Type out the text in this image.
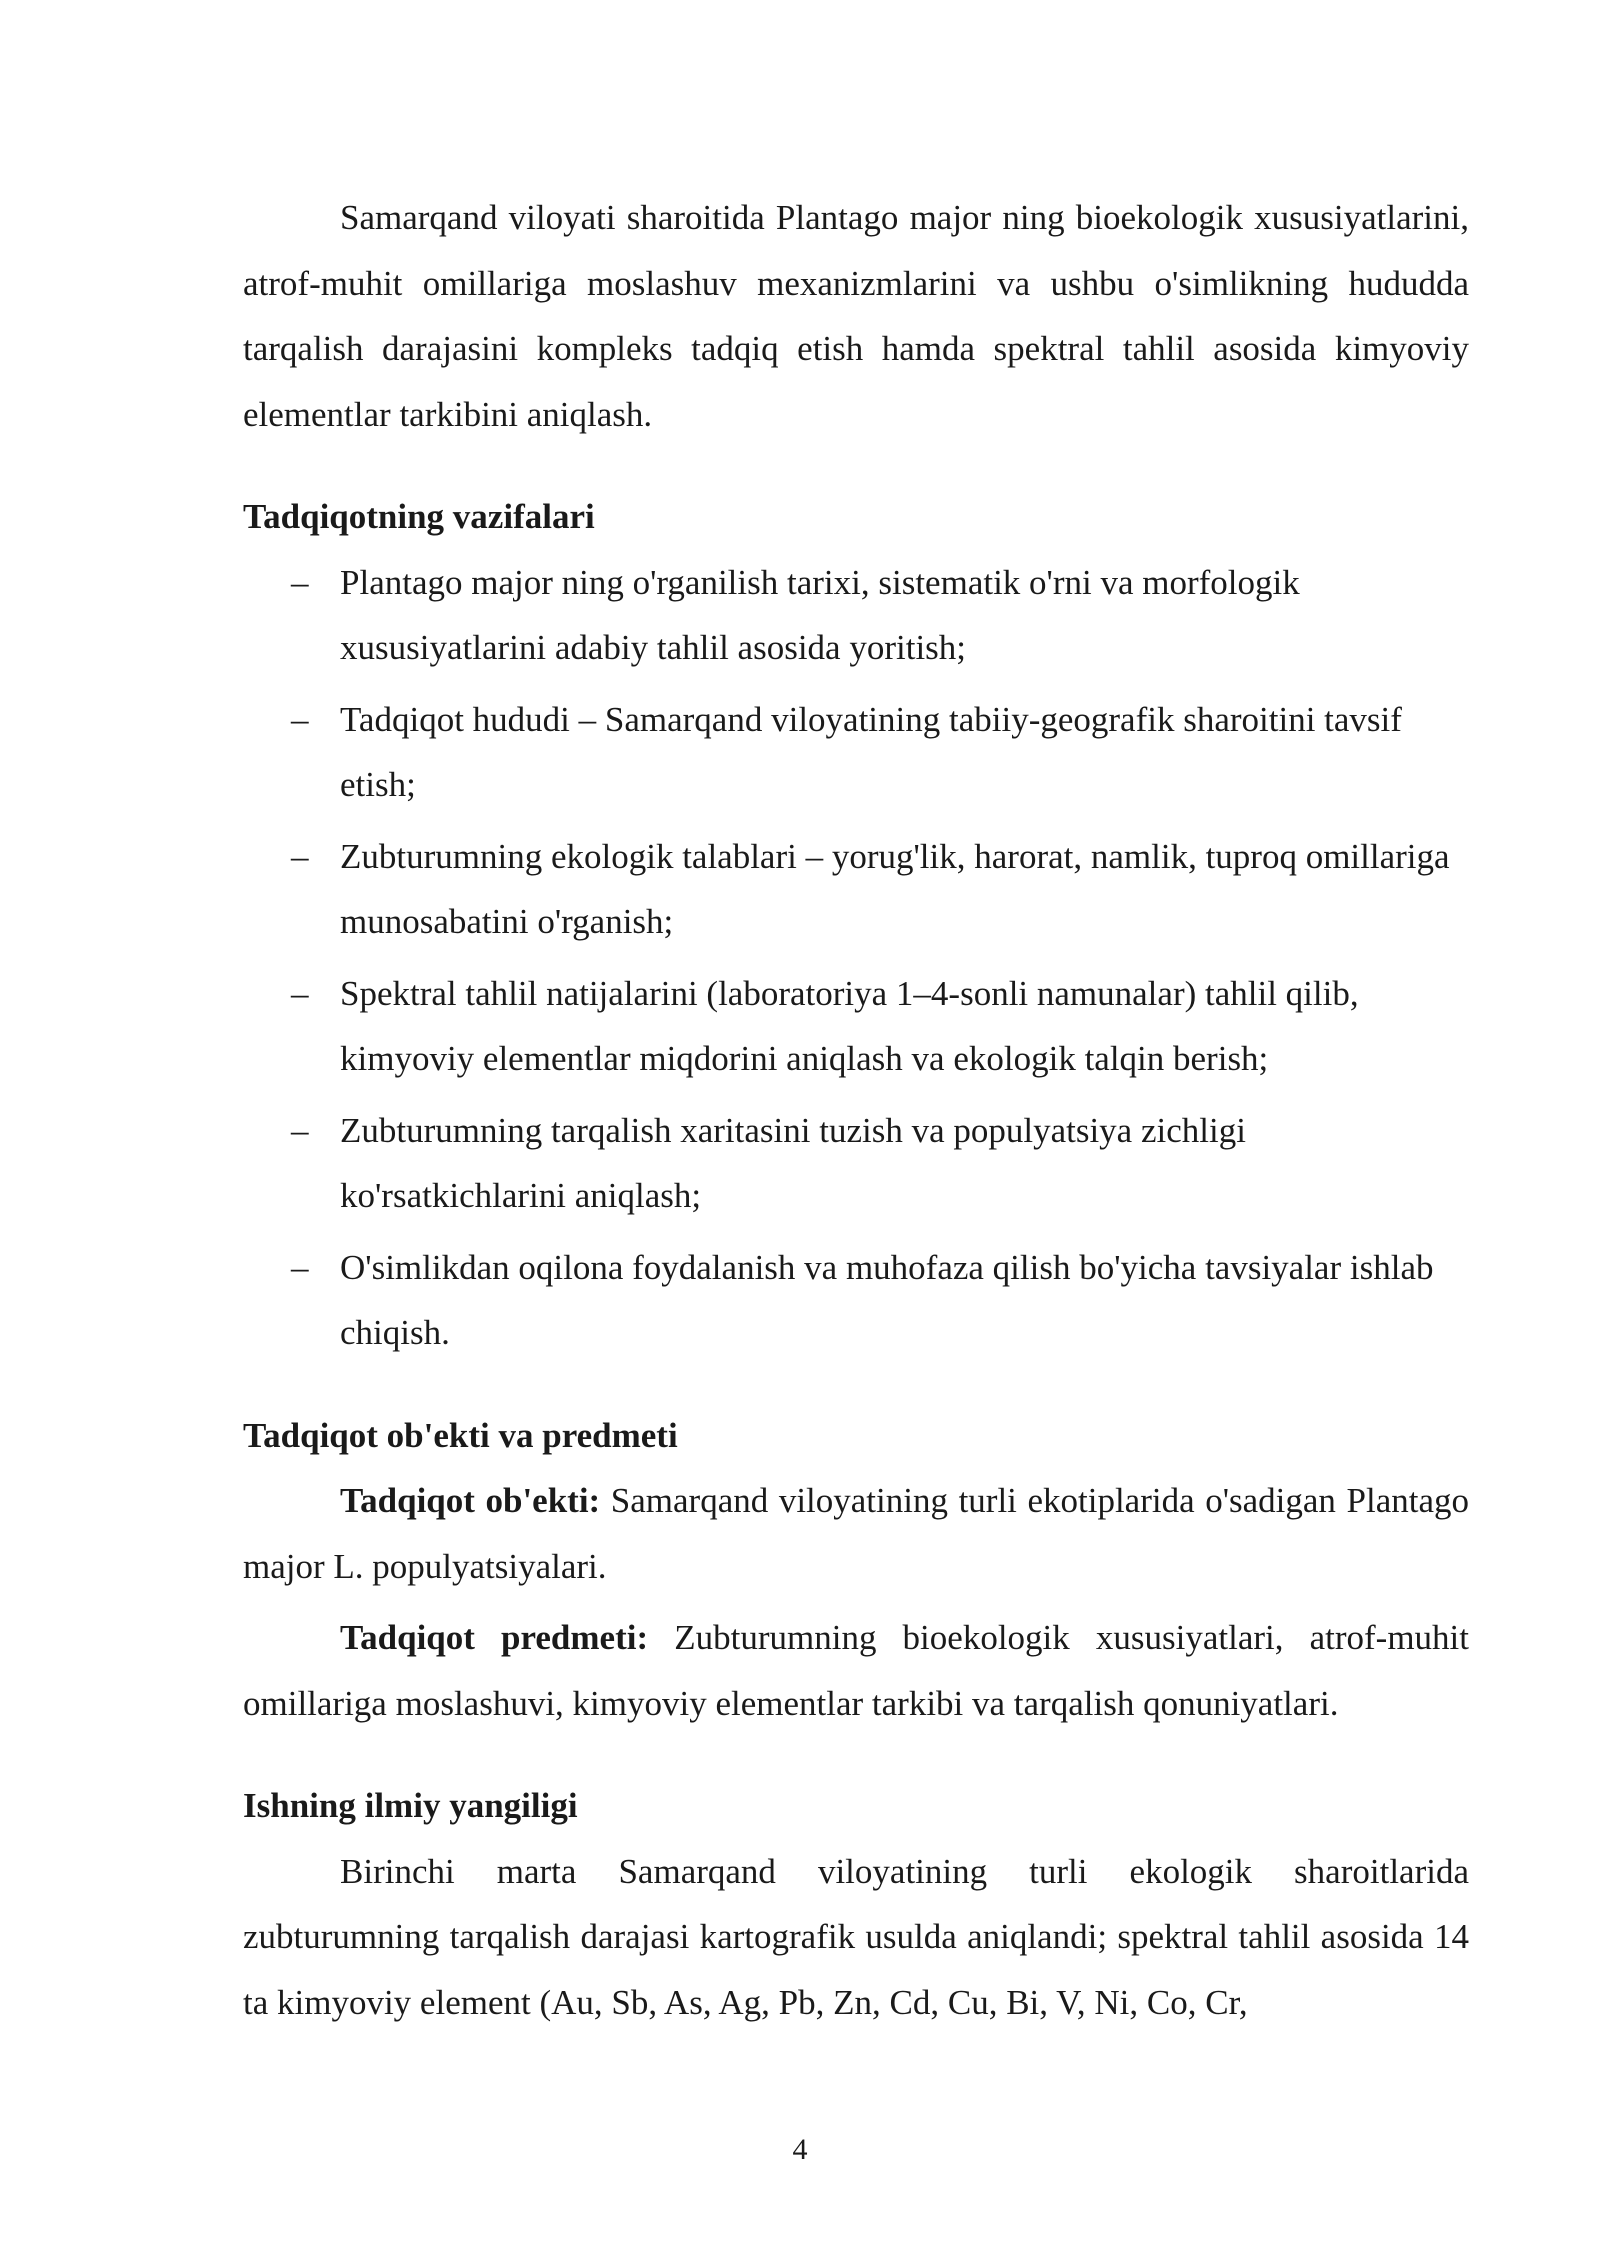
Samarqand viloyati sharoitida Plantago major ning bioekologik xususiyatlarini, atrof-muhit omillariga moslashuv mexanizmlarini va ushbu o'simlikning hududda tarqalish darajasini kompleks tadqiq etish hamda spektral tahlil asosida kimyoviy elementlar tarkibini aniqlash.

Tadqiqotning vazifalari

– Plantago major ning o'rganilish tarixi, sistematik o'rni va morfologik xususiyatlarini adabiy tahlil asosida yoritish;
– Tadqiqot hududi – Samarqand viloyatining tabiiy-geografik sharoitini tavsif etish;
– Zubturumning ekologik talablari – yorug'lik, harorat, namlik, tuproq omillariga munosabatini o'rganish;
– Spektral tahlil natijalarini (laboratoriya 1–4-sonli namunalar) tahlil qilib, kimyoviy elementlar miqdorini aniqlash va ekologik talqin berish;
– Zubturumning tarqalish xaritasini tuzish va populyatsiya zichligi ko'rsatkichlarini aniqlash;
– O'simlikdan oqilona foydalanish va muhofaza qilish bo'yicha tavsiyalar ishlab chiqish.

Tadqiqot ob'ekti va predmeti

Tadqiqot ob'ekti: Samarqand viloyatining turli ekotiplarida o'sadigan Plantago major L. populyatsiyalari.

Tadqiqot predmeti: Zubturumning bioekologik xususiyatlari, atrof-muhit omillariga moslashuvi, kimyoviy elementlar tarkibi va tarqalish qonuniyatlari.

Ishning ilmiy yangiligi

Birinchi marta Samarqand viloyatining turli ekologik sharoitlarida zubturumning tarqalish darajasi kartografik usulda aniqlandi; spektral tahlil asosida 14 ta kimyoviy element (Au, Sb, As, Ag, Pb, Zn, Cd, Cu, Bi, V, Ni, Co, Cr,

4
